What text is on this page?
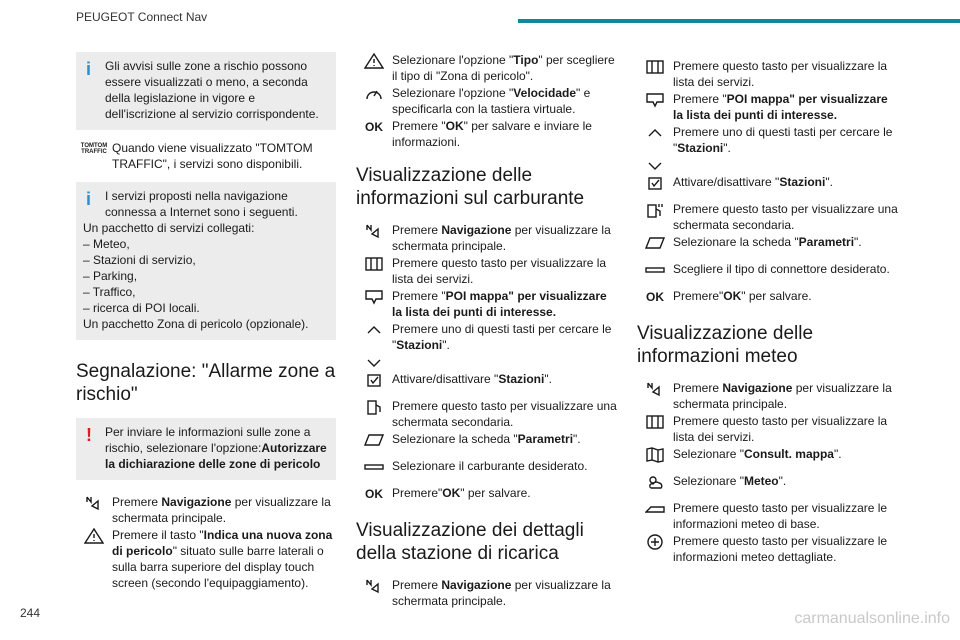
PEUGEOT Connect Nav
i	Gli avvisi sulle zone a rischio possono essere visualizzati o meno, a seconda della legislazione in vigore e dell'iscrizione al servizio corrispondente.
TOMTOM TRAFFIC Quando viene visualizzato "TOMTOM TRAFFIC", i servizi sono disponibili.
i	I servizi proposti nella navigazione connessa a Internet sono i seguenti.
Un pacchetto di servizi collegati:
– Meteo,
– Stazioni di servizio,
– Parking,
– Traffico,
– ricerca di POI locali.
Un pacchetto Zona di pericolo (opzionale).
Segnalazione: "Allarme zone a rischio"
!	Per inviare le informazioni sulle zone a rischio, selezionare l'opzione:Autorizzare la dichiarazione delle zone di pericolo
Premere Navigazione per visualizzare la schermata principale.
Premere il tasto "Indica una nuova zona di pericolo" situato sulle barre laterali o sulla barra superiore del display touch screen (secondo l'equipaggiamento).
Selezionare l'opzione "Tipo" per scegliere il tipo di "Zona di pericolo".
Selezionare l'opzione "Velocidade" e specificarla con la tastiera virtuale.
OK Premere "OK" per salvare e inviare le informazioni.
Visualizzazione delle informazioni sul carburante
Premere Navigazione per visualizzare la schermata principale.
Premere questo tasto per visualizzare la lista dei servizi.
Premere "POI mappa" per visualizzare la lista dei punti di interesse.
Premere uno di questi tasti per cercare le "Stazioni".
Attivare/disattivare "Stazioni".
Premere questo tasto per visualizzare una schermata secondaria.
Selezionare la scheda "Parametri".
Selezionare il carburante desiderato.
OK Premere"OK" per salvare.
Visualizzazione dei dettagli della stazione di ricarica
Premere Navigazione per visualizzare la schermata principale.
Premere questo tasto per visualizzare la lista dei servizi.
Premere "POI mappa" per visualizzare la lista dei punti di interesse.
Premere uno di questi tasti per cercare le "Stazioni".
Attivare/disattivare "Stazioni".
Premere questo tasto per visualizzare una schermata secondaria.
Selezionare la scheda "Parametri".
Scegliere il tipo di connettore desiderato.
OK Premere"OK" per salvare.
Visualizzazione delle informazioni meteo
Premere Navigazione per visualizzare la schermata principale.
Premere questo tasto per visualizzare la lista dei servizi.
Selezionare "Consult. mappa".
Selezionare "Meteo".
Premere questo tasto per visualizzare le informazioni meteo di base.
Premere questo tasto per visualizzare le informazioni meteo dettagliate.
244	carmanualsonline.info
